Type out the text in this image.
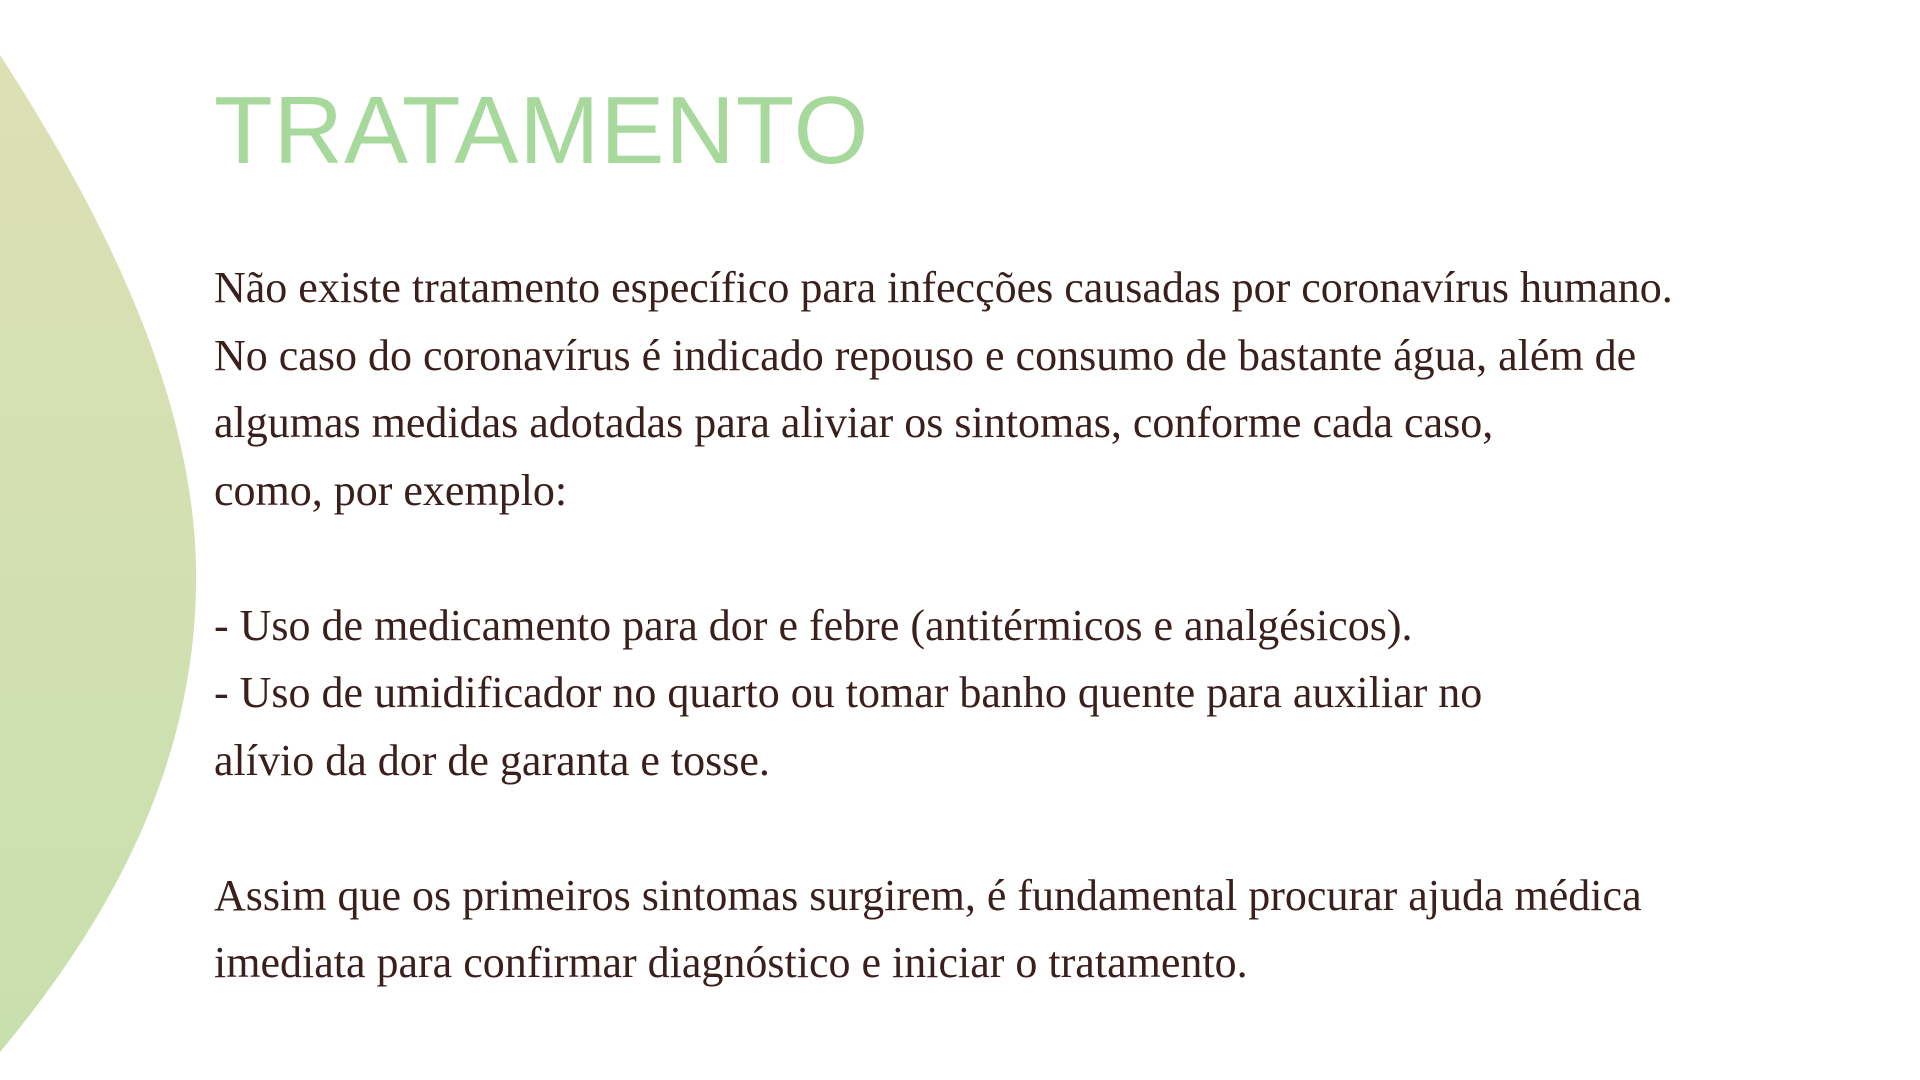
TRATAMENTO
Não existe tratamento específico para infecções causadas por coronavírus humano.
No caso do coronavírus é indicado repouso e consumo de bastante água, além de
algumas medidas adotadas para aliviar os sintomas, conforme cada caso,
como, por exemplo:
- Uso de medicamento para dor e febre (antitérmicos e analgésicos).
- Uso de umidificador no quarto ou tomar banho quente para auxiliar no
alívio da dor de garanta e tosse.
Assim que os primeiros sintomas surgirem, é fundamental procurar ajuda médica
imediata para confirmar diagnóstico e iniciar o tratamento.
